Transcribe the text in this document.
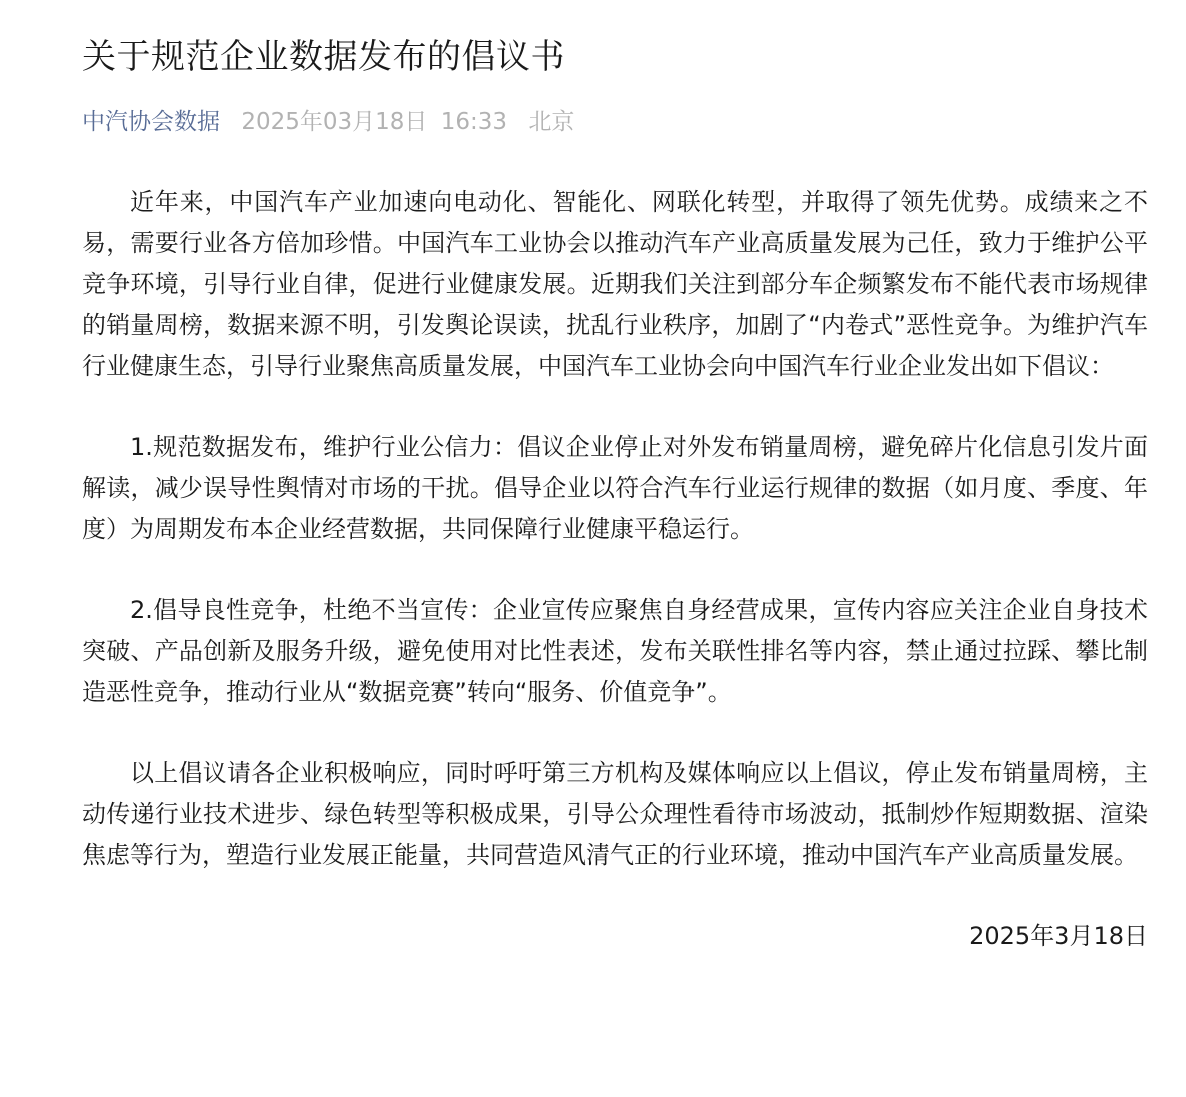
关于规范企业数据发布的倡议书
中汽协会数据 2025年03月18日 16:33 北京

近年来，中国汽车产业加速向电动化、智能化、网联化转型，并取得了领先优势。成绩来之不易，需要行业各方倍加珍惜。中国汽车工业协会以推动汽车产业高质量发展为己任，致力于维护公平竞争环境，引导行业自律，促进行业健康发展。近期我们关注到部分车企频繁发布不能代表市场规律的销量周榜，数据来源不明，引发舆论误读，扰乱行业秩序，加剧了“内卷式”恶性竞争。为维护汽车行业健康生态，引导行业聚焦高质量发展，中国汽车工业协会向中国汽车行业企业发出如下倡议：

1.规范数据发布，维护行业公信力：倡议企业停止对外发布销量周榜，避免碎片化信息引发片面解读，减少误导性舆情对市场的干扰。倡导企业以符合汽车行业运行规律的数据（如月度、季度、年度）为周期发布本企业经营数据，共同保障行业健康平稳运行。

2.倡导良性竞争，杜绝不当宣传：企业宣传应聚焦自身经营成果，宣传内容应关注企业自身技术突破、产品创新及服务升级，避免使用对比性表述，发布关联性排名等内容，禁止通过拉踩、攀比制造恶性竞争，推动行业从“数据竞赛”转向“服务、价值竞争”。

以上倡议请各企业积极响应，同时呼吁第三方机构及媒体响应以上倡议，停止发布销量周榜，主动传递行业技术进步、绿色转型等积极成果，引导公众理性看待市场波动，抵制炒作短期数据、渲染焦虑等行为，塑造行业发展正能量，共同营造风清气正的行业环境，推动中国汽车产业高质量发展。

2025年3月18日
